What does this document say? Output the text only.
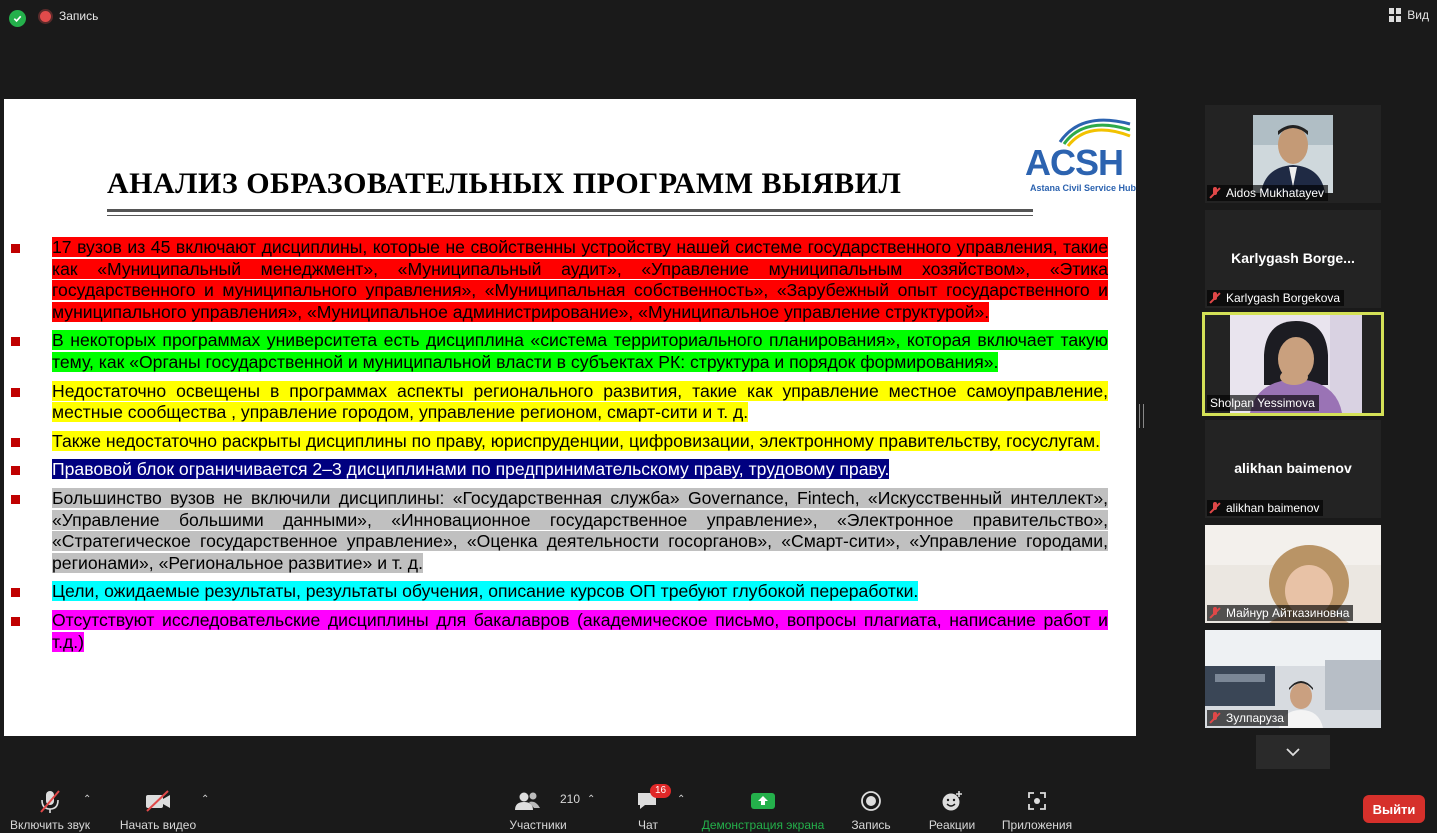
Запись	Вид
ACSH
Astana Civil Service Hub
АНАЛИЗ ОБРАЗОВАТЕЛЬНЫХ ПРОГРАММ ВЫЯВИЛ
17 вузов из 45 включают дисциплины, которые не свойственны устройству нашей системе государственного управления, такие как «Муниципальный менеджмент», «Муниципальный аудит», «Управление муниципальным хозяйством», «Этика государственного и муниципального управления», «Муниципальная собственность», «Зарубежный опыт государственного и муниципального управления», «Муниципальное администрирование», «Муниципальное управление структурой».
В некоторых программах университета есть дисциплина «система территориального планирования», которая включает такую тему, как «Органы государственной и муниципальной власти в субъектах РК: структура и порядок формирования».
Недостаточно освещены в программах аспекты регионального развития, такие как управление местное самоуправление, местные сообщества , управление городом, управление регионом, смарт-сити и т. д.
Также недостаточно раскрыты дисциплины по праву, юриспруденции, цифровизации, электронному правительству, госуслугам.
Правовой блок ограничивается 2–3 дисциплинами по предпринимательскому праву, трудовому праву.
Большинство вузов не включили дисциплины: «Государственная служба» Governance, Fintech, «Искусственный интеллект», «Управление большими данными», «Инновационное государственное управление», «Электронное правительство», «Стратегическое государственное управление», «Оценка деятельности госорганов», «Смарт-сити», «Управление городами, регионами», «Региональное развитие» и т. д.
Цели, ожидаемые результаты, результаты обучения, описание курсов ОП требуют глубокой переработки.
Отсутствуют исследовательские дисциплины для бакалавров (академическое письмо, вопросы плагиата, написание работ и т.д.)
Aidos Mukhatayev
Karlygash Borge...
Karlygash Borgekova
Sholpan Yessimova
alikhan baimenov
alikhan baimenov
Майнур Айтказиновна
Зулпаруза
Включить звук
⌃
Начать видео
⌃	210
Участники
⌃
16
Чат
⌃
Демонстрация экрана Запись	Реакции Приложения
Выйти
